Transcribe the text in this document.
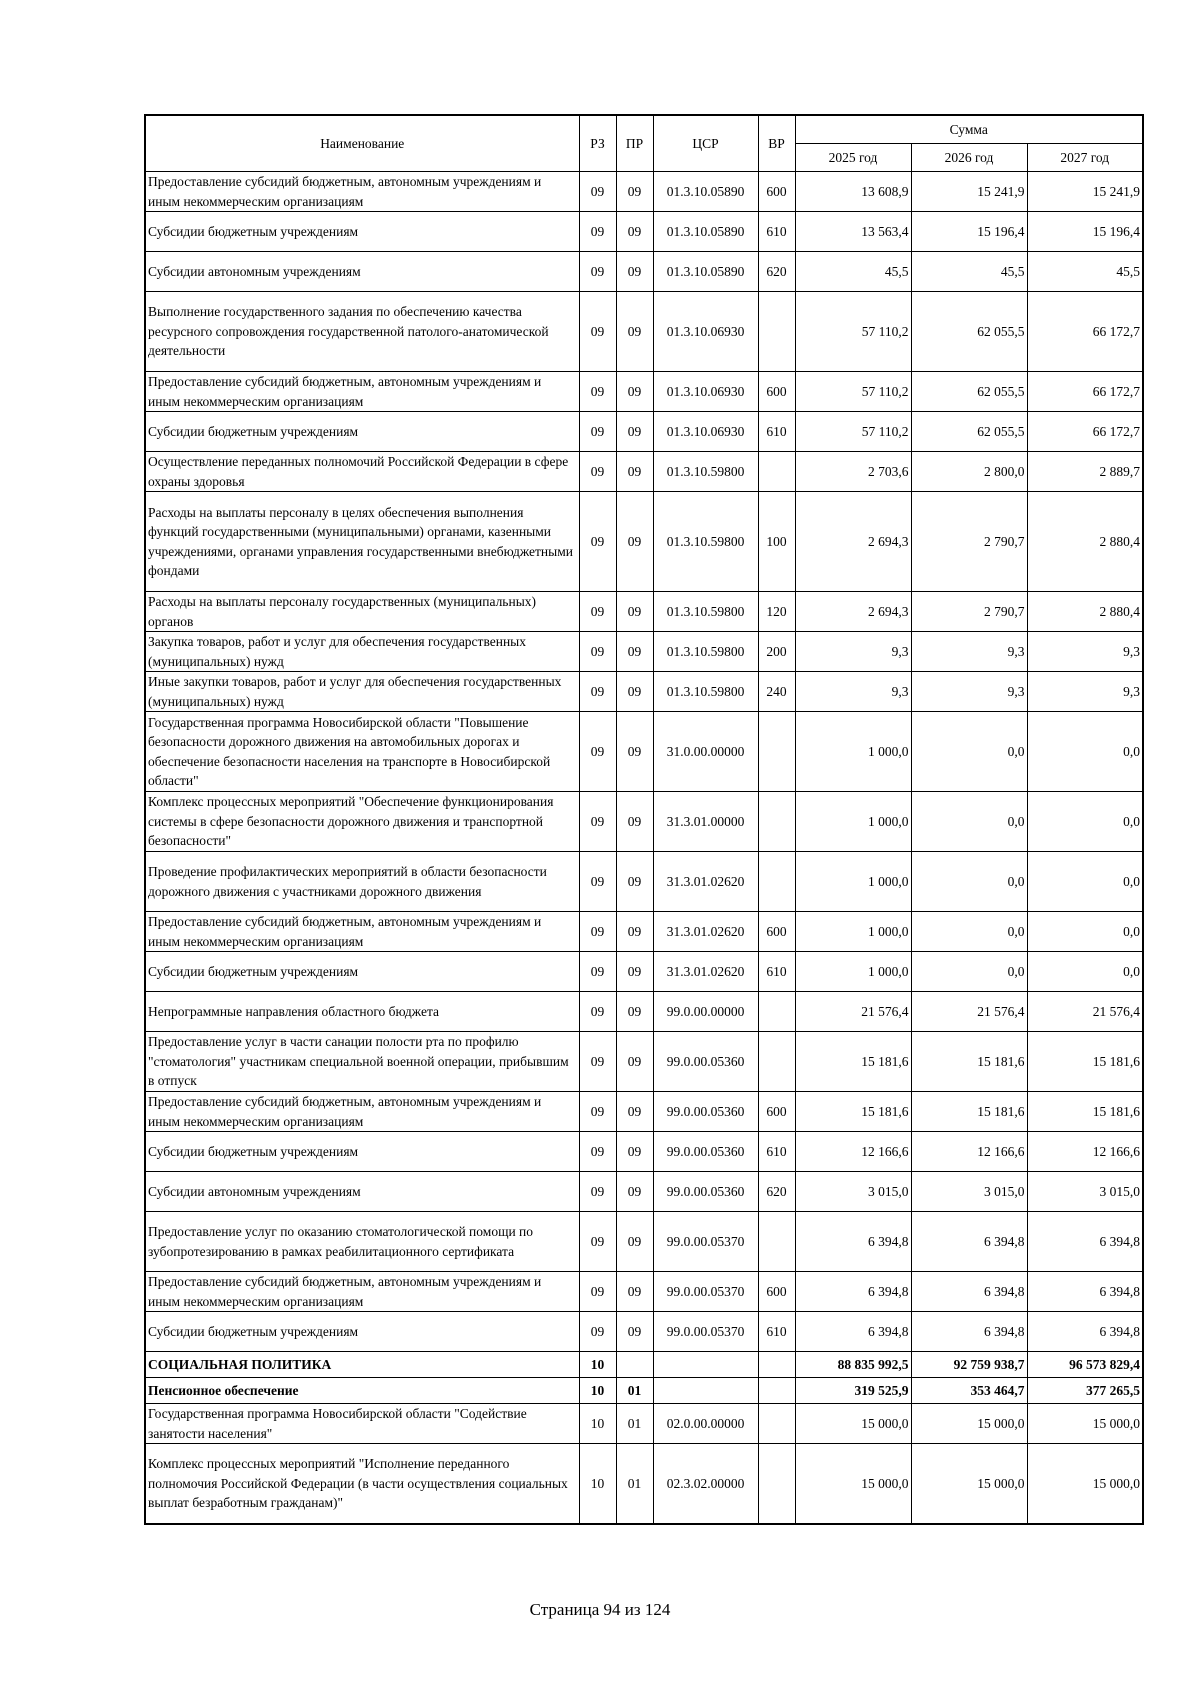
Наименование	РЗ	ПР	ЦСР	ВР	Сумма		
					2025 год	2026 год	2027 год
Предоставление субсидий бюджетным, автономным учреждениям и иным некоммерческим организациям	09	09	01.3.10.05890	600	13 608,9	15 241,9	15 241,9
Субсидии бюджетным учреждениям	09	09	01.3.10.05890	610	13 563,4	15 196,4	15 196,4
Субсидии автономным учреждениям	09	09	01.3.10.05890	620	45,5	45,5	45,5
Выполнение государственного задания по обеспечению качества ресурсного сопровождения государственной патолого-анатомической деятельности	09	09	01.3.10.06930		57 110,2	62 055,5	66 172,7
Предоставление субсидий бюджетным, автономным учреждениям и иным некоммерческим организациям	09	09	01.3.10.06930	600	57 110,2	62 055,5	66 172,7
Субсидии бюджетным учреждениям	09	09	01.3.10.06930	610	57 110,2	62 055,5	66 172,7
Осуществление переданных полномочий Российской Федерации в сфере охраны здоровья	09	09	01.3.10.59800		2 703,6	2 800,0	2 889,7
Расходы на выплаты персоналу в целях обеспечения выполнения функций государственными (муниципальными) органами, казенными учреждениями, органами управления государственными внебюджетными фондами	09	09	01.3.10.59800	100	2 694,3	2 790,7	2 880,4
Расходы на выплаты персоналу государственных (муниципальных) органов	09	09	01.3.10.59800	120	2 694,3	2 790,7	2 880,4
Закупка товаров, работ и услуг для обеспечения государственных (муниципальных) нужд	09	09	01.3.10.59800	200	9,3	9,3	9,3
Иные закупки товаров, работ и услуг для обеспечения государственных (муниципальных) нужд	09	09	01.3.10.59800	240	9,3	9,3	9,3
Государственная программа Новосибирской области "Повышение безопасности дорожного движения на автомобильных дорогах и обеспечение безопасности населения на транспорте в Новосибирской области"	09	09	31.0.00.00000		1 000,0	0,0	0,0
Комплекс процессных мероприятий "Обеспечение функционирования системы в сфере безопасности дорожного движения и транспортной безопасности"	09	09	31.3.01.00000		1 000,0	0,0	0,0
Проведение профилактических мероприятий в области безопасности дорожного движения с участниками дорожного движения	09	09	31.3.01.02620		1 000,0	0,0	0,0
Предоставление субсидий бюджетным, автономным учреждениям и иным некоммерческим организациям	09	09	31.3.01.02620	600	1 000,0	0,0	0,0
Субсидии бюджетным учреждениям	09	09	31.3.01.02620	610	1 000,0	0,0	0,0
Непрограммные направления областного бюджета	09	09	99.0.00.00000		21 576,4	21 576,4	21 576,4
Предоставление услуг в части санации полости рта по профилю "стоматология" участникам специальной военной операции, прибывшим в отпуск	09	09	99.0.00.05360		15 181,6	15 181,6	15 181,6
Предоставление субсидий бюджетным, автономным учреждениям и иным некоммерческим организациям	09	09	99.0.00.05360	600	15 181,6	15 181,6	15 181,6
Субсидии бюджетным учреждениям	09	09	99.0.00.05360	610	12 166,6	12 166,6	12 166,6
Субсидии автономным учреждениям	09	09	99.0.00.05360	620	3 015,0	3 015,0	3 015,0
Предоставление услуг по оказанию стоматологической помощи по зубопротезированию в рамках реабилитационного сертификата	09	09	99.0.00.05370		6 394,8	6 394,8	6 394,8
Предоставление субсидий бюджетным, автономным учреждениям и иным некоммерческим организациям	09	09	99.0.00.05370	600	6 394,8	6 394,8	6 394,8
Субсидии бюджетным учреждениям	09	09	99.0.00.05370	610	6 394,8	6 394,8	6 394,8
СОЦИАЛЬНАЯ ПОЛИТИКА	10				88 835 992,5	92 759 938,7	96 573 829,4
Пенсионное обеспечение	10	01			319 525,9	353 464,7	377 265,5
Государственная программа Новосибирской области "Содействие занятости населения"	10	01	02.0.00.00000		15 000,0	15 000,0	15 000,0
Комплекс процессных мероприятий "Исполнение переданного полномочия Российской Федерации (в части осуществления социальных выплат безработным гражданам)"	10	01	02.3.02.00000		15 000,0	15 000,0	15 000,0
Страница 94 из 124
